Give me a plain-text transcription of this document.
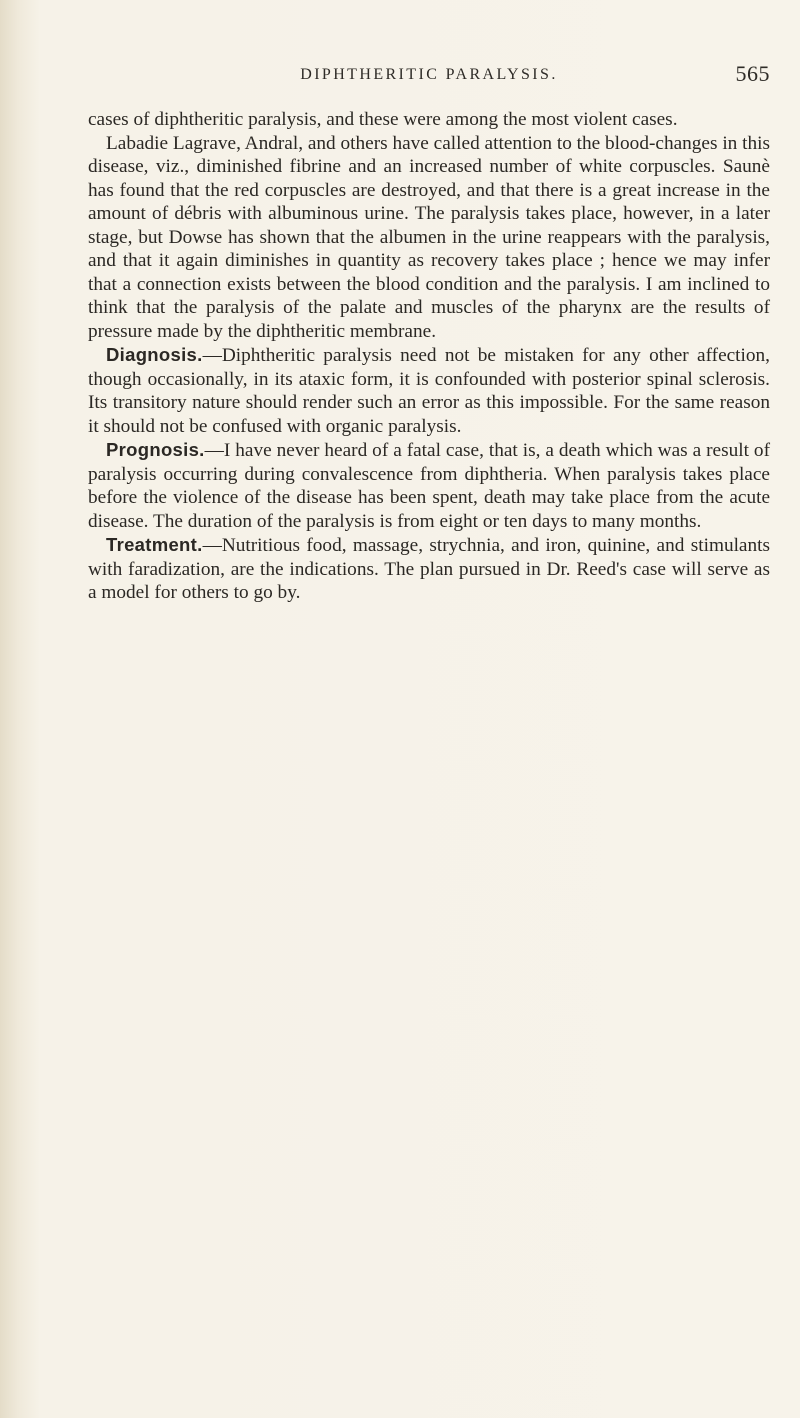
DIPHTHERITIC PARALYSIS.	565

cases of diphtheritic paralysis, and these were among the most violent cases.

Labadie Lagrave, Andral, and others have called attention to the blood-changes in this disease, viz., diminished fibrine and an increased number of white corpuscles. Saunè has found that the red corpuscles are destroyed, and that there is a great increase in the amount of débris with albuminous urine. The paralysis takes place, however, in a later stage, but Dowse has shown that the albumen in the urine reappears with the paralysis, and that it again diminishes in quantity as recovery takes place ; hence we may infer that a connection exists between the blood condition and the paralysis. I am inclined to think that the paralysis of the palate and muscles of the pharynx are the results of pressure made by the diphtheritic membrane.

Diagnosis.—Diphtheritic paralysis need not be mistaken for any other affection, though occasionally, in its ataxic form, it is confounded with posterior spinal sclerosis. Its transitory nature should render such an error as this impossible. For the same reason it should not be confused with organic paralysis.

Prognosis.—I have never heard of a fatal case, that is, a death which was a result of paralysis occurring during convalescence from diphtheria. When paralysis takes place before the violence of the disease has been spent, death may take place from the acute disease. The duration of the paralysis is from eight or ten days to many months.

Treatment.—Nutritious food, massage, strychnia, and iron, quinine, and stimulants with faradization, are the indications. The plan pursued in Dr. Reed's case will serve as a model for others to go by.
